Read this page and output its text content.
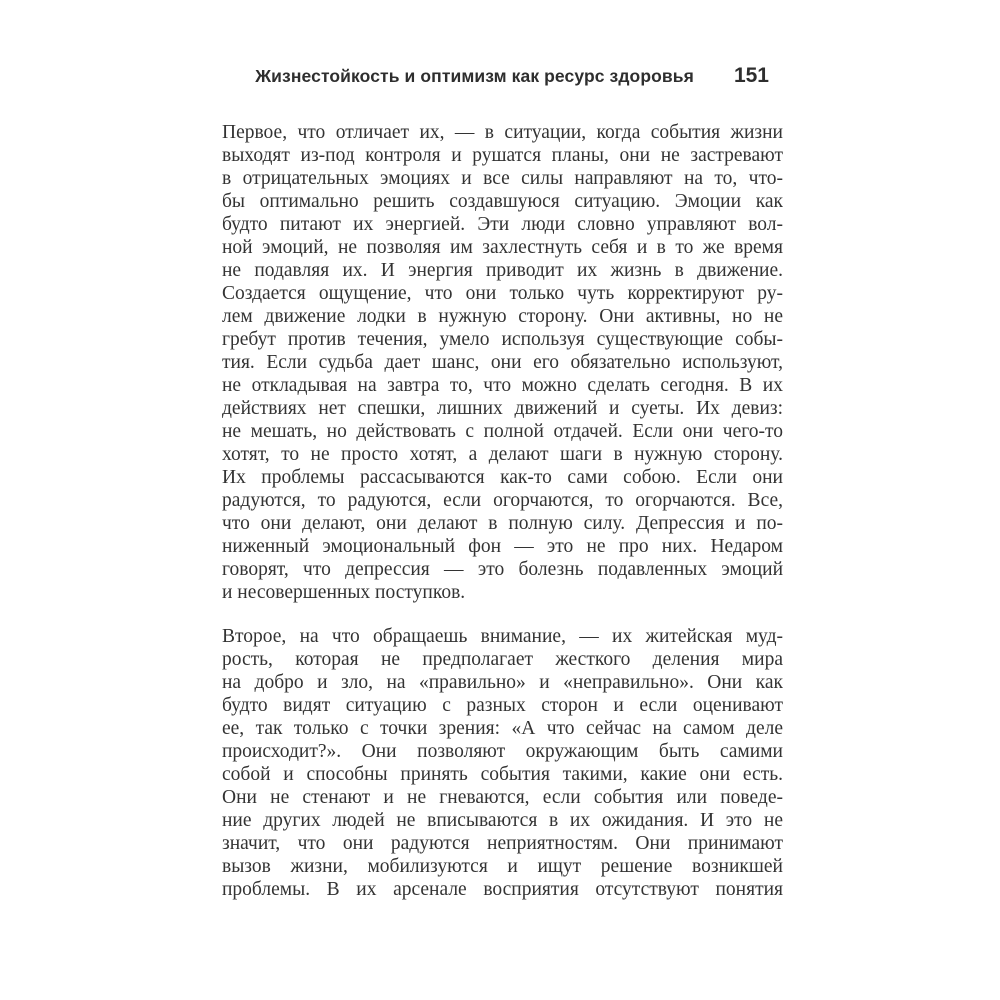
Жизнестойкость и оптимизм как ресурс здоровья 151
Первое, что отличает их, — в ситуации, когда события жизни
выходят из-под контроля и рушатся планы, они не застревают
в отрицательных эмоциях и все силы направляют на то, что-
бы оптимально решить создавшуюся ситуацию. Эмоции как
будто питают их энергией. Эти люди словно управляют вол-
ной эмоций, не позволяя им захлестнуть себя и в то же время
не подавляя их. И энергия приводит их жизнь в движение.
Создается ощущение, что они только чуть корректируют ру-
лем движение лодки в нужную сторону. Они активны, но не
гребут против течения, умело используя существующие собы-
тия. Если судьба дает шанс, они его обязательно используют,
не откладывая на завтра то, что можно сделать сегодня. В их
действиях нет спешки, лишних движений и суеты. Их девиз:
не мешать, но действовать с полной отдачей. Если они чего-то
хотят, то не просто хотят, а делают шаги в нужную сторону.
Их проблемы рассасываются как-то сами собою. Если они
радуются, то радуются, если огорчаются, то огорчаются. Все,
что они делают, они делают в полную силу. Депрессия и по-
ниженный эмоциональный фон — это не про них. Недаром
говорят, что депрессия — это болезнь подавленных эмоций
и несовершенных поступков.
Второе, на что обращаешь внимание, — их житейская муд-
рость, которая не предполагает жесткого деления мира
на добро и зло, на «правильно» и «неправильно». Они как
будто видят ситуацию с разных сторон и если оценивают
ее, так только с точки зрения: «А что сейчас на самом деле
происходит?». Они позволяют окружающим быть самими
собой и способны принять события такими, какие они есть.
Они не стенают и не гневаются, если события или поведе-
ние других людей не вписываются в их ожидания. И это не
значит, что они радуются неприятностям. Они принимают
вызов жизни, мобилизуются и ищут решение возникшей
проблемы. В их арсенале восприятия отсутствуют понятия
